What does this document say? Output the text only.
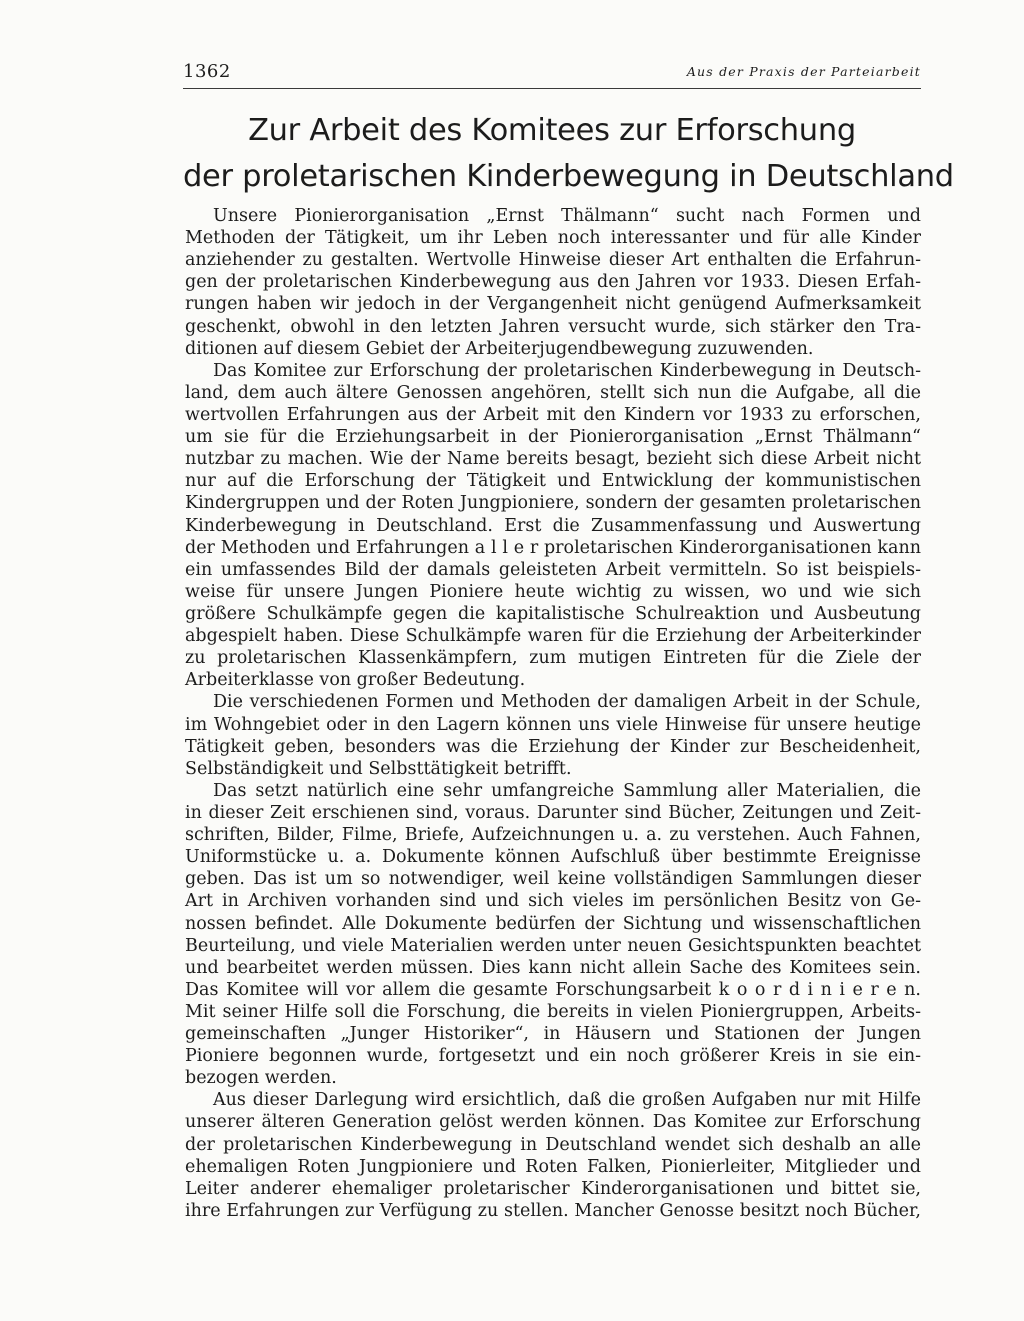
1362	Aus der Praxis der Parteiarbeit
Zur Arbeit des Komitees zur Erforschung
der proletarischen Kinderbewegung in Deutschland
Unsere Pionierorganisation „Ernst Thälmann“ sucht nach Formen und
Methoden der Tätigkeit, um ihr Leben noch interessanter und für alle Kinder
anziehender zu gestalten. Wertvolle Hinweise dieser Art enthalten die Erfahrun-
gen der proletarischen Kinderbewegung aus den Jahren vor 1933. Diesen Erfah-
rungen haben wir jedoch in der Vergangenheit nicht genügend Aufmerksamkeit
geschenkt, obwohl in den letzten Jahren versucht wurde, sich stärker den Tra-
ditionen auf diesem Gebiet der Arbeiterjugendbewegung zuzuwenden.
Das Komitee zur Erforschung der proletarischen Kinderbewegung in Deutsch-
land, dem auch ältere Genossen angehören, stellt sich nun die Aufgabe, all die
wertvollen Erfahrungen aus der Arbeit mit den Kindern vor 1933 zu erforschen,
um sie für die Erziehungsarbeit in der Pionierorganisation „Ernst Thälmann“
nutzbar zu machen. Wie der Name bereits besagt, bezieht sich diese Arbeit nicht
nur auf die Erforschung der Tätigkeit und Entwicklung der kommunistischen
Kindergruppen und der Roten Jungpioniere, sondern der gesamten proletarischen
Kinderbewegung in Deutschland. Erst die Zusammenfassung und Auswertung
der Methoden und Erfahrungen a l l e r proletarischen Kinderorganisationen kann
ein umfassendes Bild der damals geleisteten Arbeit vermitteln. So ist beispiels-
weise für unsere Jungen Pioniere heute wichtig zu wissen, wo und wie sich
größere Schulkämpfe gegen die kapitalistische Schulreaktion und Ausbeutung
abgespielt haben. Diese Schulkämpfe waren für die Erziehung der Arbeiterkinder
zu proletarischen Klassenkämpfern, zum mutigen Eintreten für die Ziele der
Arbeiterklasse von großer Bedeutung.
Die verschiedenen Formen und Methoden der damaligen Arbeit in der Schule,
im Wohngebiet oder in den Lagern können uns viele Hinweise für unsere heutige
Tätigkeit geben, besonders was die Erziehung der Kinder zur Bescheidenheit,
Selbständigkeit und Selbsttätigkeit betrifft.
Das setzt natürlich eine sehr umfangreiche Sammlung aller Materialien, die
in dieser Zeit erschienen sind, voraus. Darunter sind Bücher, Zeitungen und Zeit-
schriften, Bilder, Filme, Briefe, Aufzeichnungen u. a. zu verstehen. Auch Fahnen,
Uniformstücke u. a. Dokumente können Aufschluß über bestimmte Ereignisse
geben. Das ist um so notwendiger, weil keine vollständigen Sammlungen dieser
Art in Archiven vorhanden sind und sich vieles im persönlichen Besitz von Ge-
nossen befindet. Alle Dokumente bedürfen der Sichtung und wissenschaftlichen
Beurteilung, und viele Materialien werden unter neuen Gesichtspunkten beachtet
und bearbeitet werden müssen. Dies kann nicht allein Sache des Komitees sein.
Das Komitee will vor allem die gesamte Forschungsarbeit k o o r d i n i e r e n.
Mit seiner Hilfe soll die Forschung, die bereits in vielen Pioniergruppen, Arbeits-
gemeinschaften „Junger Historiker“, in Häusern und Stationen der Jungen
Pioniere begonnen wurde, fortgesetzt und ein noch größerer Kreis in sie ein-
bezogen werden.
Aus dieser Darlegung wird ersichtlich, daß die großen Aufgaben nur mit Hilfe
unserer älteren Generation gelöst werden können. Das Komitee zur Erforschung
der proletarischen Kinderbewegung in Deutschland wendet sich deshalb an alle
ehemaligen Roten Jungpioniere und Roten Falken, Pionierleiter, Mitglieder und
Leiter anderer ehemaliger proletarischer Kinderorganisationen und bittet sie,
ihre Erfahrungen zur Verfügung zu stellen. Mancher Genosse besitzt noch Bücher,
